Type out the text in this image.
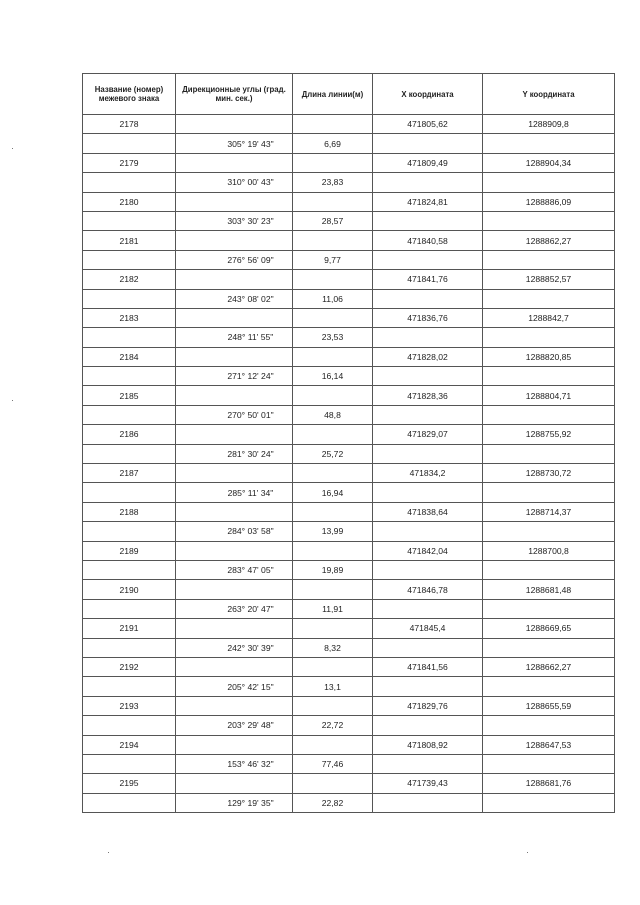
Название (номер) межевого знака	Дирекционные углы (град. мин. сек.)	Длина линии(м)	X координата	Y координата
2178			471805,62	1288909,8
	305° 19' 43"	6,69		
2179			471809,49	1288904,34
	310° 00' 43"	23,83		
2180			471824,81	1288886,09
	303° 30' 23"	28,57		
2181			471840,58	1288862,27
	276° 56' 09"	9,77		
2182			471841,76	1288852,57
	243° 08' 02"	11,06		
2183			471836,76	1288842,7
	248° 11' 55"	23,53		
2184			471828,02	1288820,85
	271° 12' 24"	16,14		
2185			471828,36	1288804,71
	270° 50' 01"	48,8		
2186			471829,07	1288755,92
	281° 30' 24"	25,72		
2187			471834,2	1288730,72
	285° 11' 34"	16,94		
2188			471838,64	1288714,37
	284° 03' 58"	13,99		
2189			471842,04	1288700,8
	283° 47' 05"	19,89		
2190			471846,78	1288681,48
	263° 20' 47"	11,91		
2191			471845,4	1288669,65
	242° 30' 39"	8,32		
2192			471841,56	1288662,27
	205° 42' 15"	13,1		
2193			471829,76	1288655,59
	203° 29' 48"	22,72		
2194			471808,92	1288647,53
	153° 46' 32"	77,46		
2195			471739,43	1288681,76
	129° 19' 35"	22,82		
